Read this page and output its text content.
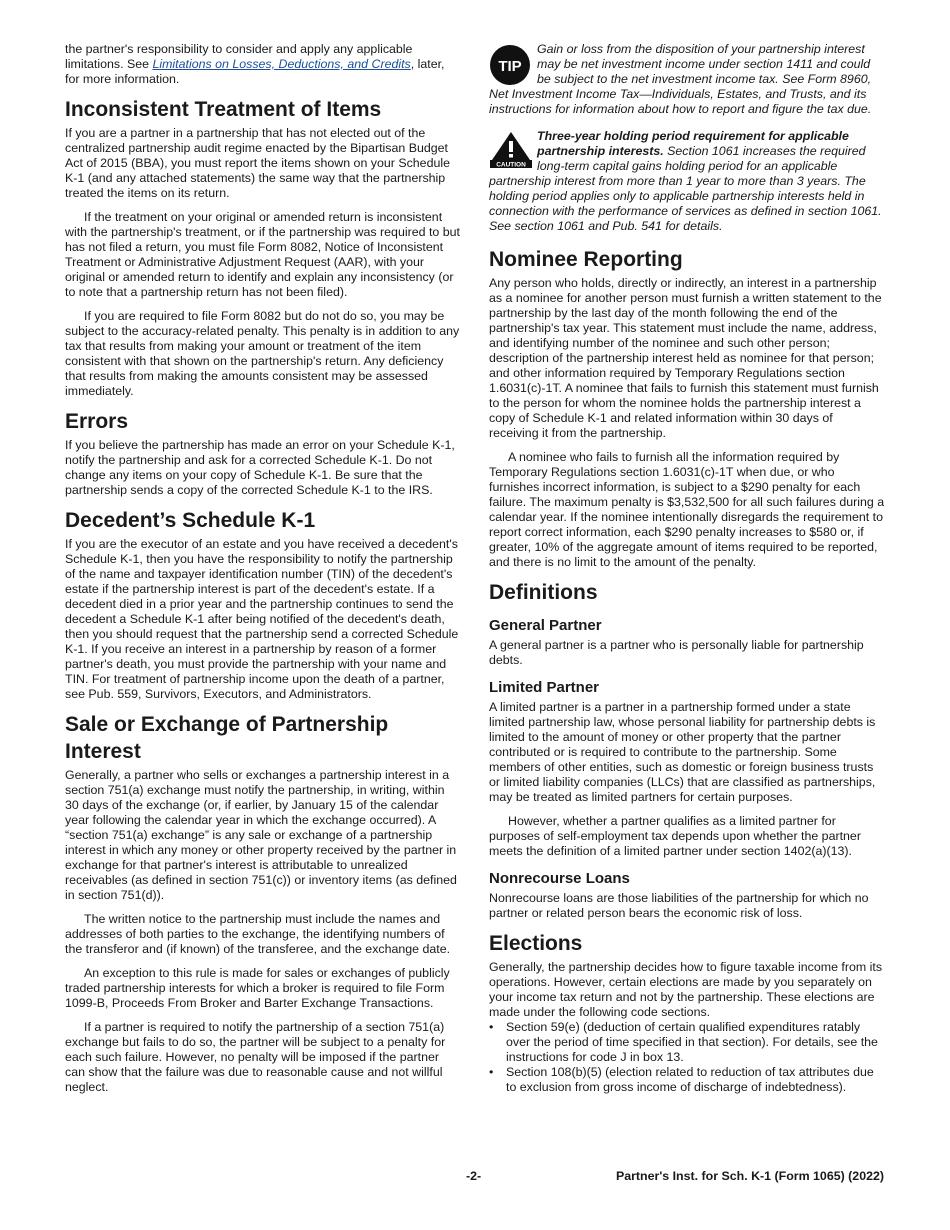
the partner's responsibility to consider and apply any applicable limitations. See Limitations on Losses, Deductions, and Credits, later, for more information.

Inconsistent Treatment of Items

If you are a partner in a partnership that has not elected out of the centralized partnership audit regime enacted by the Bipartisan Budget Act of 2015 (BBA), you must report the items shown on your Schedule K-1 (and any attached statements) the same way that the partnership treated the items on its return.

If the treatment on your original or amended return is inconsistent with the partnership's treatment, or if the partnership was required to but has not filed a return, you must file Form 8082, Notice of Inconsistent Treatment or Administrative Adjustment Request (AAR), with your original or amended return to identify and explain any inconsistency (or to note that a partnership return has not been filed).

If you are required to file Form 8082 but do not do so, you may be subject to the accuracy-related penalty. This penalty is in addition to any tax that results from making your amount or treatment of the item consistent with that shown on the partnership's return. Any deficiency that results from making the amounts consistent may be assessed immediately.

Errors

If you believe the partnership has made an error on your Schedule K-1, notify the partnership and ask for a corrected Schedule K-1. Do not change any items on your copy of Schedule K-1. Be sure that the partnership sends a copy of the corrected Schedule K-1 to the IRS.

Decedent’s Schedule K-1

If you are the executor of an estate and you have received a decedent's Schedule K-1, then you have the responsibility to notify the partnership of the name and taxpayer identification number (TIN) of the decedent's estate if the partnership interest is part of the decedent's estate. If a decedent died in a prior year and the partnership continues to send the decedent a Schedule K-1 after being notified of the decedent's death, then you should request that the partnership send a corrected Schedule K-1. If you receive an interest in a partnership by reason of a former partner's death, you must provide the partnership with your name and TIN. For treatment of partnership income upon the death of a partner, see Pub. 559, Survivors, Executors, and Administrators.

Sale or Exchange of Partnership Interest

Generally, a partner who sells or exchanges a partnership interest in a section 751(a) exchange must notify the partnership, in writing, within 30 days of the exchange (or, if earlier, by January 15 of the calendar year following the calendar year in which the exchange occurred). A “section 751(a) exchange” is any sale or exchange of a partnership interest in which any money or other property received by the partner in exchange for that partner's interest is attributable to unrealized receivables (as defined in section 751(c)) or inventory items (as defined in section 751(d)).

The written notice to the partnership must include the names and addresses of both parties to the exchange, the identifying numbers of the transferor and (if known) of the transferee, and the exchange date.

An exception to this rule is made for sales or exchanges of publicly traded partnership interests for which a broker is required to file Form 1099-B, Proceeds From Broker and Barter Exchange Transactions.

If a partner is required to notify the partnership of a section 751(a) exchange but fails to do so, the partner will be subject to a penalty for each such failure. However, no penalty will be imposed if the partner can show that the failure was due to reasonable cause and not willful neglect.

TIP

Gain or loss from the disposition of your partnership interest may be net investment income under section 1411 and could be subject to the net investment income tax. See Form 8960, Net Investment Income Tax—Individuals, Estates, and Trusts, and its instructions for information about how to report and figure the tax due.

CAUTION

Three-year holding period requirement for applicable partnership interests. Section 1061 increases the required long-term capital gains holding period for an applicable partnership interest from more than 1 year to more than 3 years. The holding period applies only to applicable partnership interests held in connection with the performance of services as defined in section 1061. See section 1061 and Pub. 541 for details.

Nominee Reporting

Any person who holds, directly or indirectly, an interest in a partnership as a nominee for another person must furnish a written statement to the partnership by the last day of the month following the end of the partnership's tax year. This statement must include the name, address, and identifying number of the nominee and such other person; description of the partnership interest held as nominee for that person; and other information required by Temporary Regulations section 1.6031(c)-1T. A nominee that fails to furnish this statement must furnish to the person for whom the nominee holds the partnership interest a copy of Schedule K-1 and related information within 30 days of receiving it from the partnership.

A nominee who fails to furnish all the information required by Temporary Regulations section 1.6031(c)-1T when due, or who furnishes incorrect information, is subject to a $290 penalty for each failure. The maximum penalty is $3,532,500 for all such failures during a calendar year. If the nominee intentionally disregards the requirement to report correct information, each $290 penalty increases to $580 or, if greater, 10% of the aggregate amount of items required to be reported, and there is no limit to the amount of the penalty.

Definitions
General Partner

A general partner is a partner who is personally liable for partnership debts.

Limited Partner

A limited partner is a partner in a partnership formed under a state limited partnership law, whose personal liability for partnership debts is limited to the amount of money or other property that the partner contributed or is required to contribute to the partnership. Some members of other entities, such as domestic or foreign business trusts or limited liability companies (LLCs) that are classified as partnerships, may be treated as limited partners for certain purposes.

However, whether a partner qualifies as a limited partner for purposes of self-employment tax depends upon whether the partner meets the definition of a limited partner under section 1402(a)(13).

Nonrecourse Loans

Nonrecourse loans are those liabilities of the partnership for which no partner or related person bears the economic risk of loss.

Elections

Generally, the partnership decides how to figure taxable income from its operations. However, certain elections are made by you separately on your income tax return and not by the partnership. These elections are made under the following code sections.

•	Section 59(e) (deduction of certain qualified expenditures ratably over the period of time specified in that section). For details, see the instructions for code J in box 13.
•	Section 108(b)(5) (election related to reduction of tax attributes due to exclusion from gross income of discharge of indebtedness).
-2-	Partner's Inst. for Sch. K-1 (Form 1065) (2022)
